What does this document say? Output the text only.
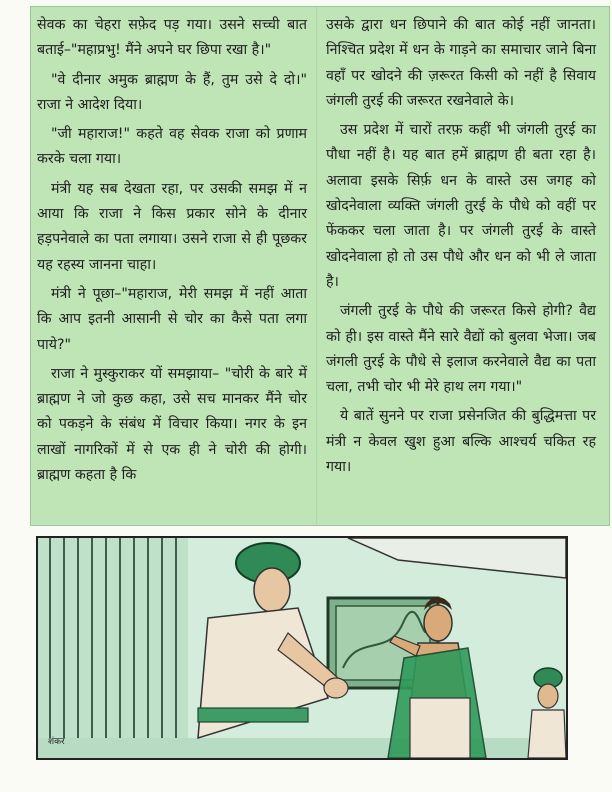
सेवक का चेहरा सफ़ेद पड़ गया। उसने सच्ची बात बताई–"महाप्रभु! मैंने अपने घर छिपा रखा है।"

"वे दीनार अमुक ब्राह्मण के हैं, तुम उसे दे दो।" राजा ने आदेश दिया।

"जी महाराज!" कहते वह सेवक राजा को प्रणाम करके चला गया।

मंत्री यह सब देखता रहा, पर उसकी समझ में न आया कि राजा ने किस प्रकार सोने के दीनार हड़पनेवाले का पता लगाया। उसने राजा से ही पूछकर यह रहस्य जानना चाहा।

मंत्री ने पूछा–"महाराज, मेरी समझ में नहीं आता कि आप इतनी आसानी से चोर का कैसे पता लगा पाये?"

राजा ने मुस्कुराकर यों समझाया– "चोरी के बारे में ब्राह्मण ने जो कुछ कहा, उसे सच मानकर मैंने चोर को पकड़ने के संबंध में विचार किया। नगर के इन लाखों नागरिकों में से एक ही ने चोरी की होगी। ब्राह्मण कहता है कि

उसके द्वारा धन छिपाने की बात कोई नहीं जानता। निश्चित प्रदेश में धन के गाड़ने का समाचार जाने बिना वहाँ पर खोदने की ज़रूरत किसी को नहीं है सिवाय जंगली तुरई की जरूरत रखनेवाले के।

उस प्रदेश में चारों तरफ़ कहीं भी जंगली तुरई का पौधा नहीं है। यह बात हमें ब्राह्मण ही बता रहा है। अलावा इसके सिर्फ़ धन के वास्ते उस जगह को खोदनेवाला व्यक्ति जंगली तुरई के पौधे को वहीं पर फेंककर चला जाता है। पर जंगली तुरई के वास्ते खोदनेवाला हो तो उस पौधे और धन को भी ले जाता है।

जंगली तुरई के पौधे की जरूरत किसे होगी? वैद्य को ही। इस वास्ते मैंने सारे वैद्यों को बुलवा भेजा। जब जंगली तुरई के पौधे से इलाज करनेवाले वैद्य का पता चला, तभी चोर भी मेरे हाथ लग गया।"

ये बातें सुनने पर राजा प्रसेनजित की बुद्धिमत्ता पर मंत्री न केवल खुश हुआ बल्कि आश्चर्य चकित रह गया।

शंकर
